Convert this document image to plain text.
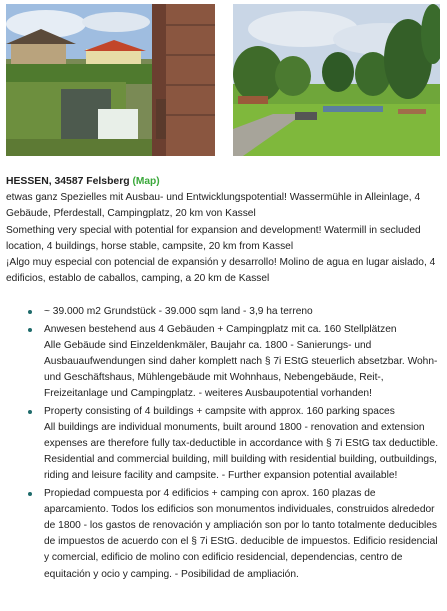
HESSEN, 34587 Felsberg (Map)

etwas ganz Spezielles mit Ausbau- und Entwicklungspotential! Wassermühle in Alleinlage, 4 Gebäude, Pferdestall, Campingplatz, 20 km von Kassel

Something very special with potential for expansion and development! Watermill in secluded location, 4 buildings, horse stable, campsite, 20 km from Kassel

¡Algo muy especial con potencial de expansión y desarrollo! Molino de agua en lugar aislado, 4 edificios, establo de caballos, camping, a 20 km de Kassel

~ 39.000 m2 Grundstück - 39.000 sqm land - 3,9 ha terreno
Anwesen bestehend aus 4 Gebäuden + Campingplatz mit ca. 160 Stellplätzen
Alle Gebäude sind Einzeldenkmäler, Baujahr ca. 1800 - Sanierungs- und Ausbauaufwendungen sind daher komplett nach § 7i EStG steuerlich absetzbar. Wohn- und Geschäftshaus, Mühlengebäude mit Wohnhaus, Nebengebäude, Reit-, Freizeitanlage und Campingplatz. - weiteres Ausbaupotential vorhanden!
Property consisting of 4 buildings + campsite with approx. 160 parking spaces
All buildings are individual monuments, built around 1800 - renovation and extension expenses are therefore fully tax-deductible in accordance with § 7i EStG tax deductible. Residential and commercial building, mill building with residential building, outbuildings, riding and leisure facility and campsite. - Further expansion potential available!
Propiedad compuesta por 4 edificios + camping con aprox. 160 plazas de aparcamiento. Todos los edificios son monumentos individuales, construidos alrededor de 1800 - los gastos de renovación y ampliación son por lo tanto totalmente deducibles de impuestos de acuerdo con el § 7i EStG. deducible de impuestos. Edificio residencial y comercial, edificio de molino con edificio residencial, dependencias, centro de equitación y ocio y camping. - Posibilidad de ampliación.
